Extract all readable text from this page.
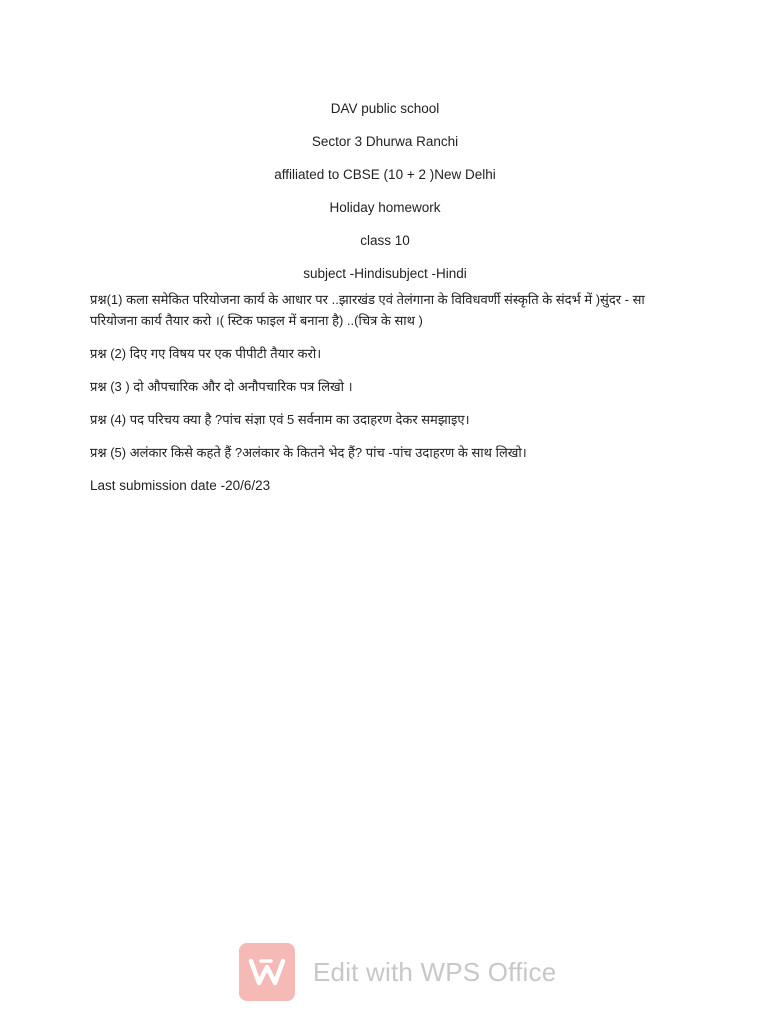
DAV public school
Sector 3 Dhurwa Ranchi
affiliated to CBSE (10 + 2 )New Delhi
Holiday homework
class 10
subject -Hindisubject -Hindi

प्रश्न(1) कला समेकित परियोजना कार्य के आधार पर ..झारखंड एवं तेलंगाना के विविधवर्णी संस्कृति के संदर्भ में )सुंदर - सा परियोजना कार्य तैयार करो ।( स्टिक फाइल में बनाना है) ..(चित्र के साथ )

प्रश्न (2) दिए गए विषय पर एक पीपीटी तैयार करो।

प्रश्न (3 ) दो औपचारिक और दो अनौपचारिक पत्र लिखो ।

प्रश्न (4) पद परिचय क्या है ?पांच संज्ञा एवं 5 सर्वनाम का उदाहरण देकर समझाइए।

प्रश्न (5) अलंकार किसे कहते हैं ?अलंकार के कितने भेद हैं? पांच -पांच उदाहरण के साथ लिखो।

Last submission date -20/6/23

Edit with WPS Office
